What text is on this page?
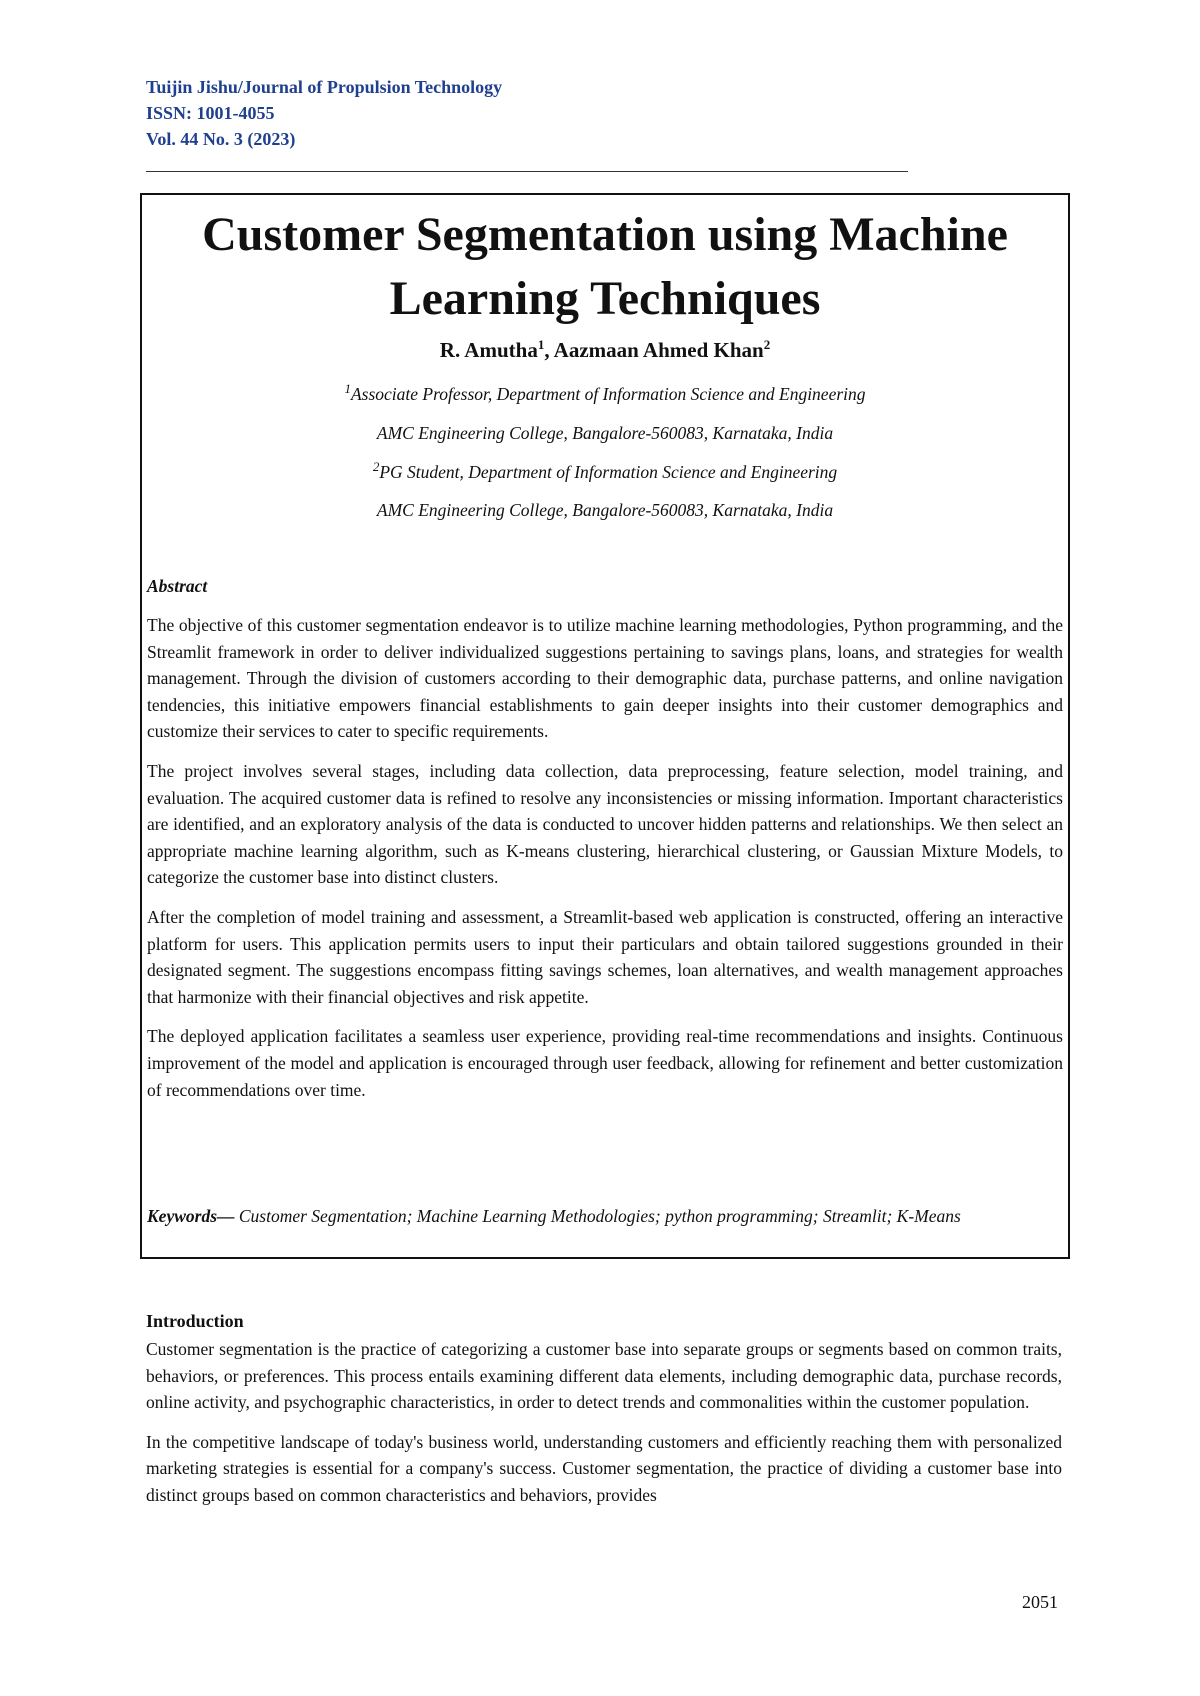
Tuijin Jishu/Journal of Propulsion Technology
ISSN: 1001-4055
Vol. 44 No. 3 (2023)
Customer Segmentation using Machine
Learning Techniques
R. Amutha$^1$, Aazmaan Ahmed Khan$^2$
$^1$Associate Professor, Department of Information Science and Engineering
AMC Engineering College, Bangalore-560083, Karnataka, India
$^2$PG Student, Department of Information Science and Engineering
AMC Engineering College, Bangalore-560083, Karnataka, India
Abstract

The objective of this customer segmentation endeavor is to utilize machine learning methodologies, Python programming, and the Streamlit framework in order to deliver individualized suggestions pertaining to savings plans, loans, and strategies for wealth management. Through the division of customers according to their demographic data, purchase patterns, and online navigation tendencies, this initiative empowers financial establishments to gain deeper insights into their customer demographics and customize their services to cater to specific requirements.

The project involves several stages, including data collection, data preprocessing, feature selection, model training, and evaluation. The acquired customer data is refined to resolve any inconsistencies or missing information. Important characteristics are identified, and an exploratory analysis of the data is conducted to uncover hidden patterns and relationships. We then select an appropriate machine learning algorithm, such as K-means clustering, hierarchical clustering, or Gaussian Mixture Models, to categorize the customer base into distinct clusters.

After the completion of model training and assessment, a Streamlit-based web application is constructed, offering an interactive platform for users. This application permits users to input their particulars and obtain tailored suggestions grounded in their designated segment. The suggestions encompass fitting savings schemes, loan alternatives, and wealth management approaches that harmonize with their financial objectives and risk appetite.

The deployed application facilitates a seamless user experience, providing real-time recommendations and insights. Continuous improvement of the model and application is encouraged through user feedback, allowing for refinement and better customization of recommendations over time.

Keywords— Customer Segmentation; Machine Learning Methodologies; python programming; Streamlit; K-Means
Introduction

Customer segmentation is the practice of categorizing a customer base into separate groups or segments based on common traits, behaviors, or preferences. This process entails examining different data elements, including demographic data, purchase records, online activity, and psychographic characteristics, in order to detect trends and commonalities within the customer population.

In the competitive landscape of today's business world, understanding customers and efficiently reaching them with personalized marketing strategies is essential for a company's success. Customer segmentation, the practice of dividing a customer base into distinct groups based on common characteristics and behaviors, provides

2051
